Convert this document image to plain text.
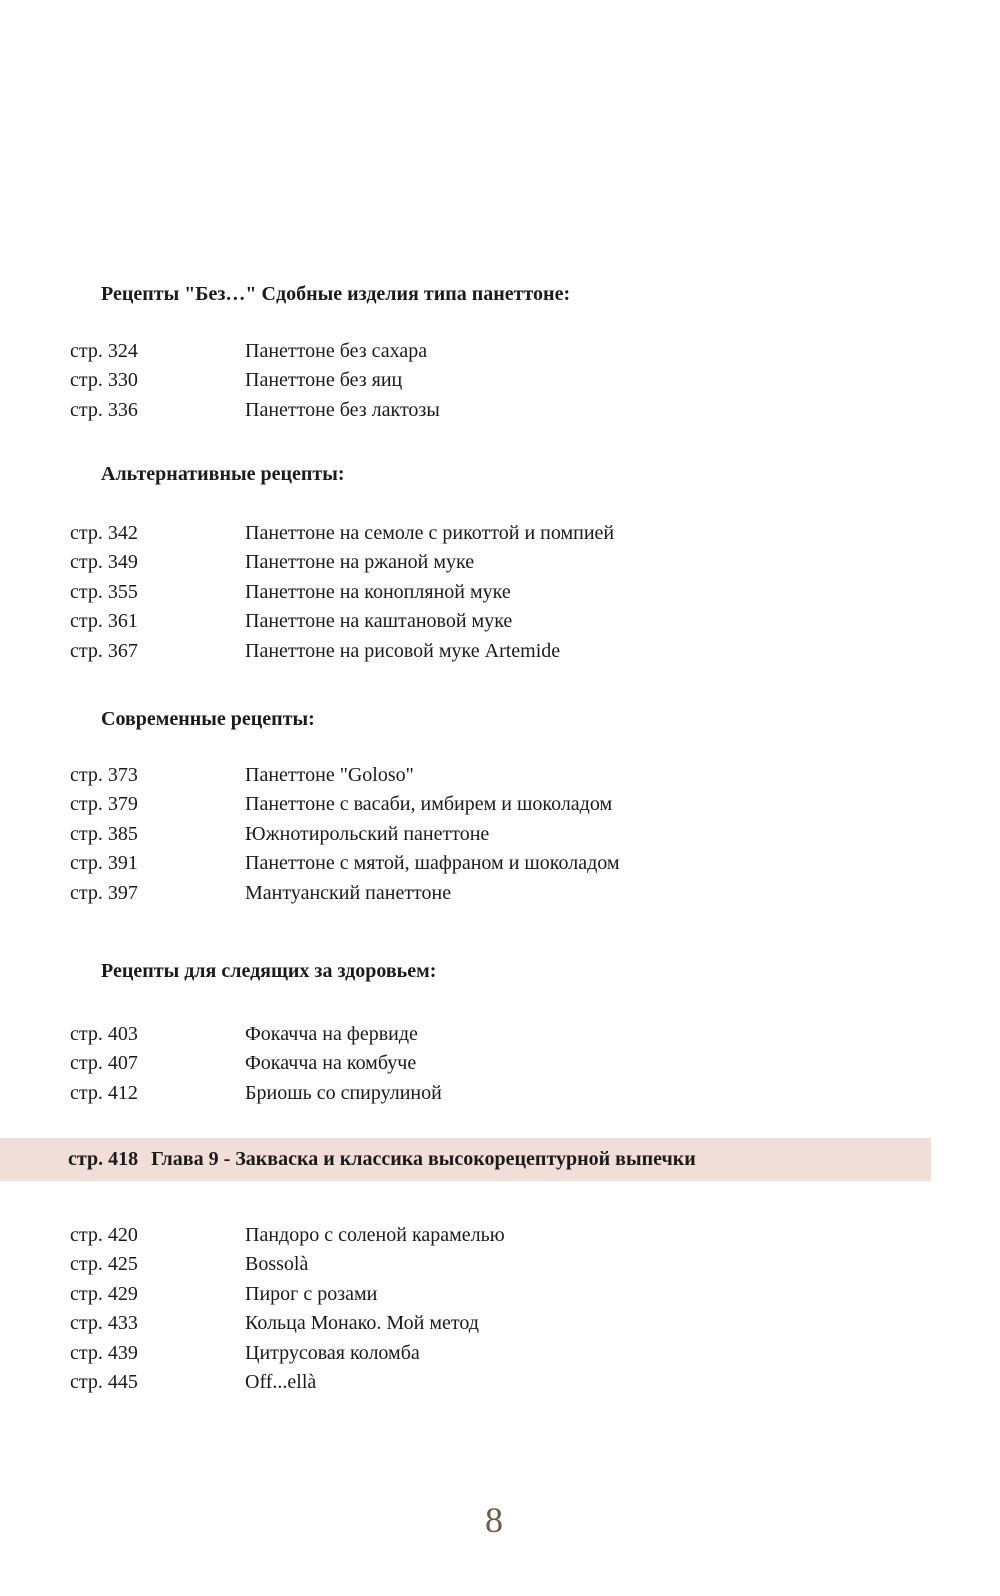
Рецепты "Без…" Сдобные изделия типа панеттоне:
стр. 324	Панеттоне без сахара
стр. 330	Панеттоне без яиц
стр. 336	Панеттоне без лактозы
Альтернативные рецепты:
стр. 342	Панеттоне на семоле с рикоттой и помпией
стр. 349	Панеттоне на ржаной муке
стр. 355	Панеттоне на конопляной муке
стр. 361	Панеттоне на каштановой муке
стр. 367	Панеттоне на рисовой муке Artemide
Современные рецепты:
стр. 373	Панеттоне "Goloso"
стр. 379	Панеттоне с васаби, имбирем и шоколадом
стр. 385	Южнотирольский панеттоне
стр. 391	Панеттоне с мятой, шафраном и шоколадом
стр. 397	Мантуанский панеттоне
Рецепты для следящих за здоровьем:
стр. 403	Фокачча на фервиде
стр. 407	Фокачча на комбуче
стр. 412	Бриошь со спирулиной
стр. 418 Глава 9 - Закваска и классика высокорецептурной выпечки
стр. 420	Пандоро с соленой карамелью
стр. 425	Bossolà
стр. 429	Пирог с розами
стр. 433	Кольца Монако. Мой метод
стр. 439	Цитрусовая коломба
стр. 445	Off...ellà
8
